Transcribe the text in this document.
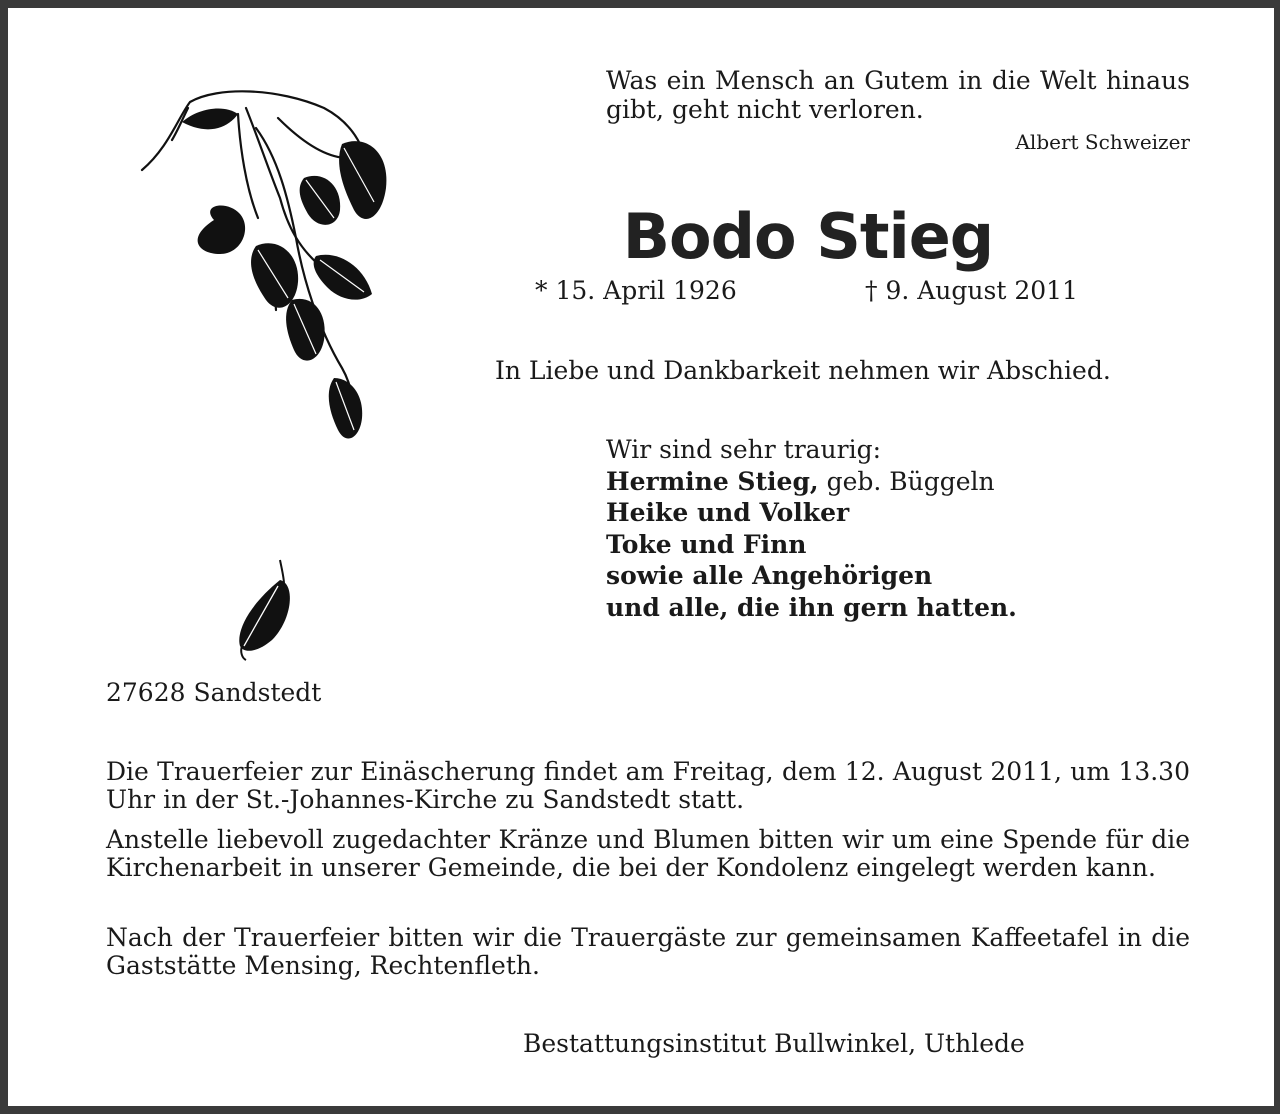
Was ein Mensch an Gutem in die Welt hinaus gibt, geht nicht verloren.
Albert Schweizer
Bodo Stieg
* 15. April 1926	† 9. August 2011
In Liebe und Dankbarkeit nehmen wir Abschied.
Wir sind sehr traurig:
Hermine Stieg, geb. Büggeln
Heike und Volker
Toke und Finn
sowie alle Angehörigen
und alle, die ihn gern hatten.
27628 Sandstedt
Die Trauerfeier zur Einäscherung findet am Freitag, dem 12. August 2011, um 13.30 Uhr in der St.-Johannes-Kirche zu Sandstedt statt.
Anstelle liebevoll zugedachter Kränze und Blumen bitten wir um eine Spende für die Kirchenarbeit in unserer Gemeinde, die bei der Kondolenz eingelegt werden kann.
Nach der Trauerfeier bitten wir die Trauergäste zur gemeinsamen Kaffeetafel in die Gaststätte Mensing, Rechtenfleth.
Bestattungsinstitut Bullwinkel, Uthlede
